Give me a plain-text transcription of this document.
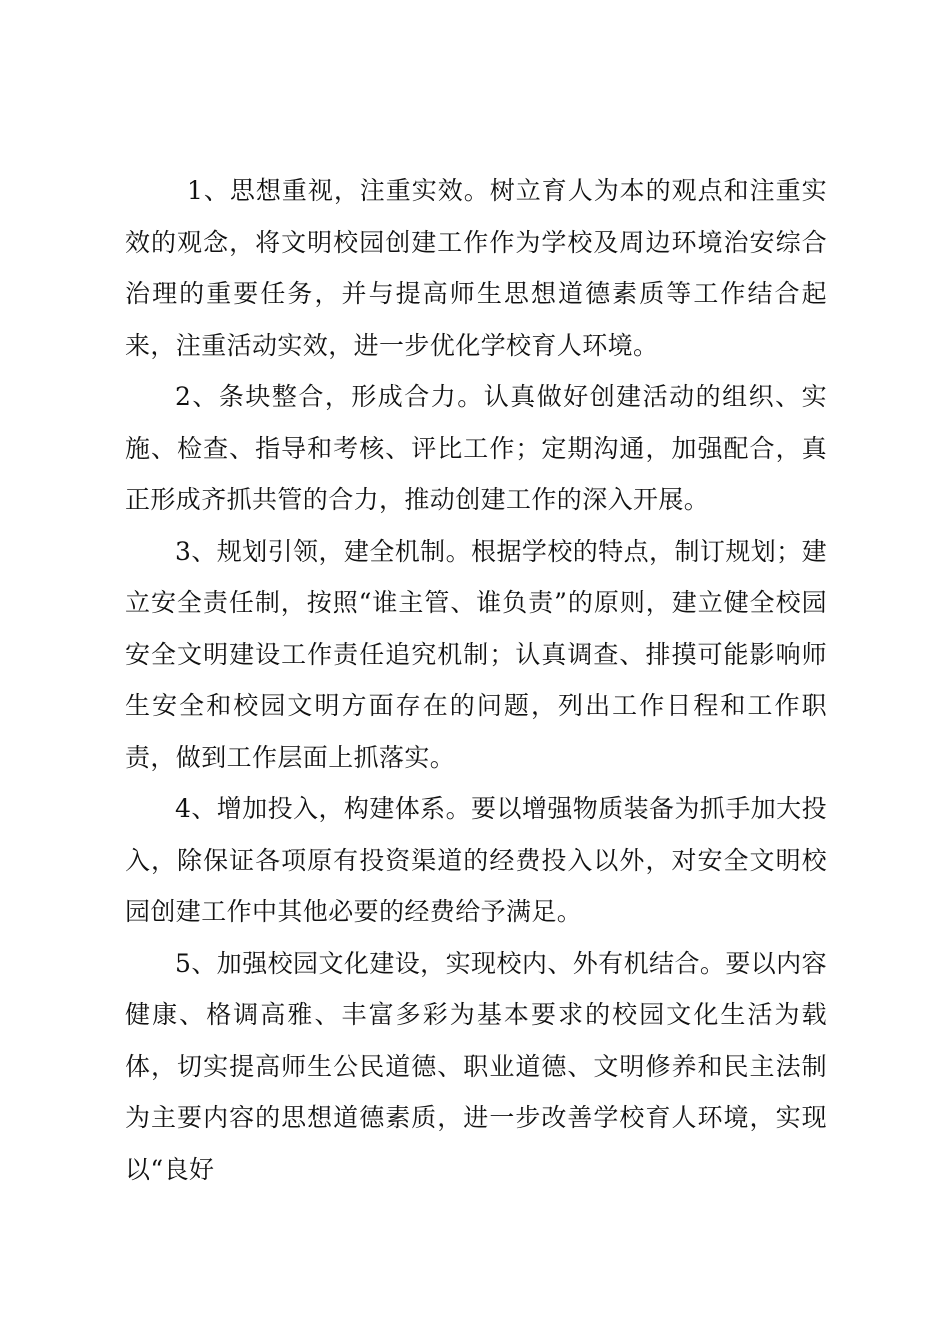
1、思想重视，注重实效。树立育人为本的观点和注重实效的观念，将文明校园创建工作作为学校及周边环境治安综合治理的重要任务，并与提高师生思想道德素质等工作结合起来，注重活动实效，进一步优化学校育人环境。

2、条块整合，形成合力。认真做好创建活动的组织、实施、检查、指导和考核、评比工作；定期沟通，加强配合，真正形成齐抓共管的合力，推动创建工作的深入开展。

3、规划引领，建全机制。根据学校的特点，制订规划；建立安全责任制，按照“谁主管、谁负责”的原则，建立健全校园安全文明建设工作责任追究机制；认真调查、排摸可能影响师生安全和校园文明方面存在的问题，列出工作日程和工作职责，做到工作层面上抓落实。

4、增加投入，构建体系。要以增强物质装备为抓手加大投入，除保证各项原有投资渠道的经费投入以外，对安全文明校园创建工作中其他必要的经费给予满足。

5、加强校园文化建设，实现校内、外有机结合。要以内容健康、格调高雅、丰富多彩为基本要求的校园文化生活为载体，切实提高师生公民道德、职业道德、文明修养和民主法制为主要内容的思想道德素质，进一步改善学校育人环境，实现以“良好
